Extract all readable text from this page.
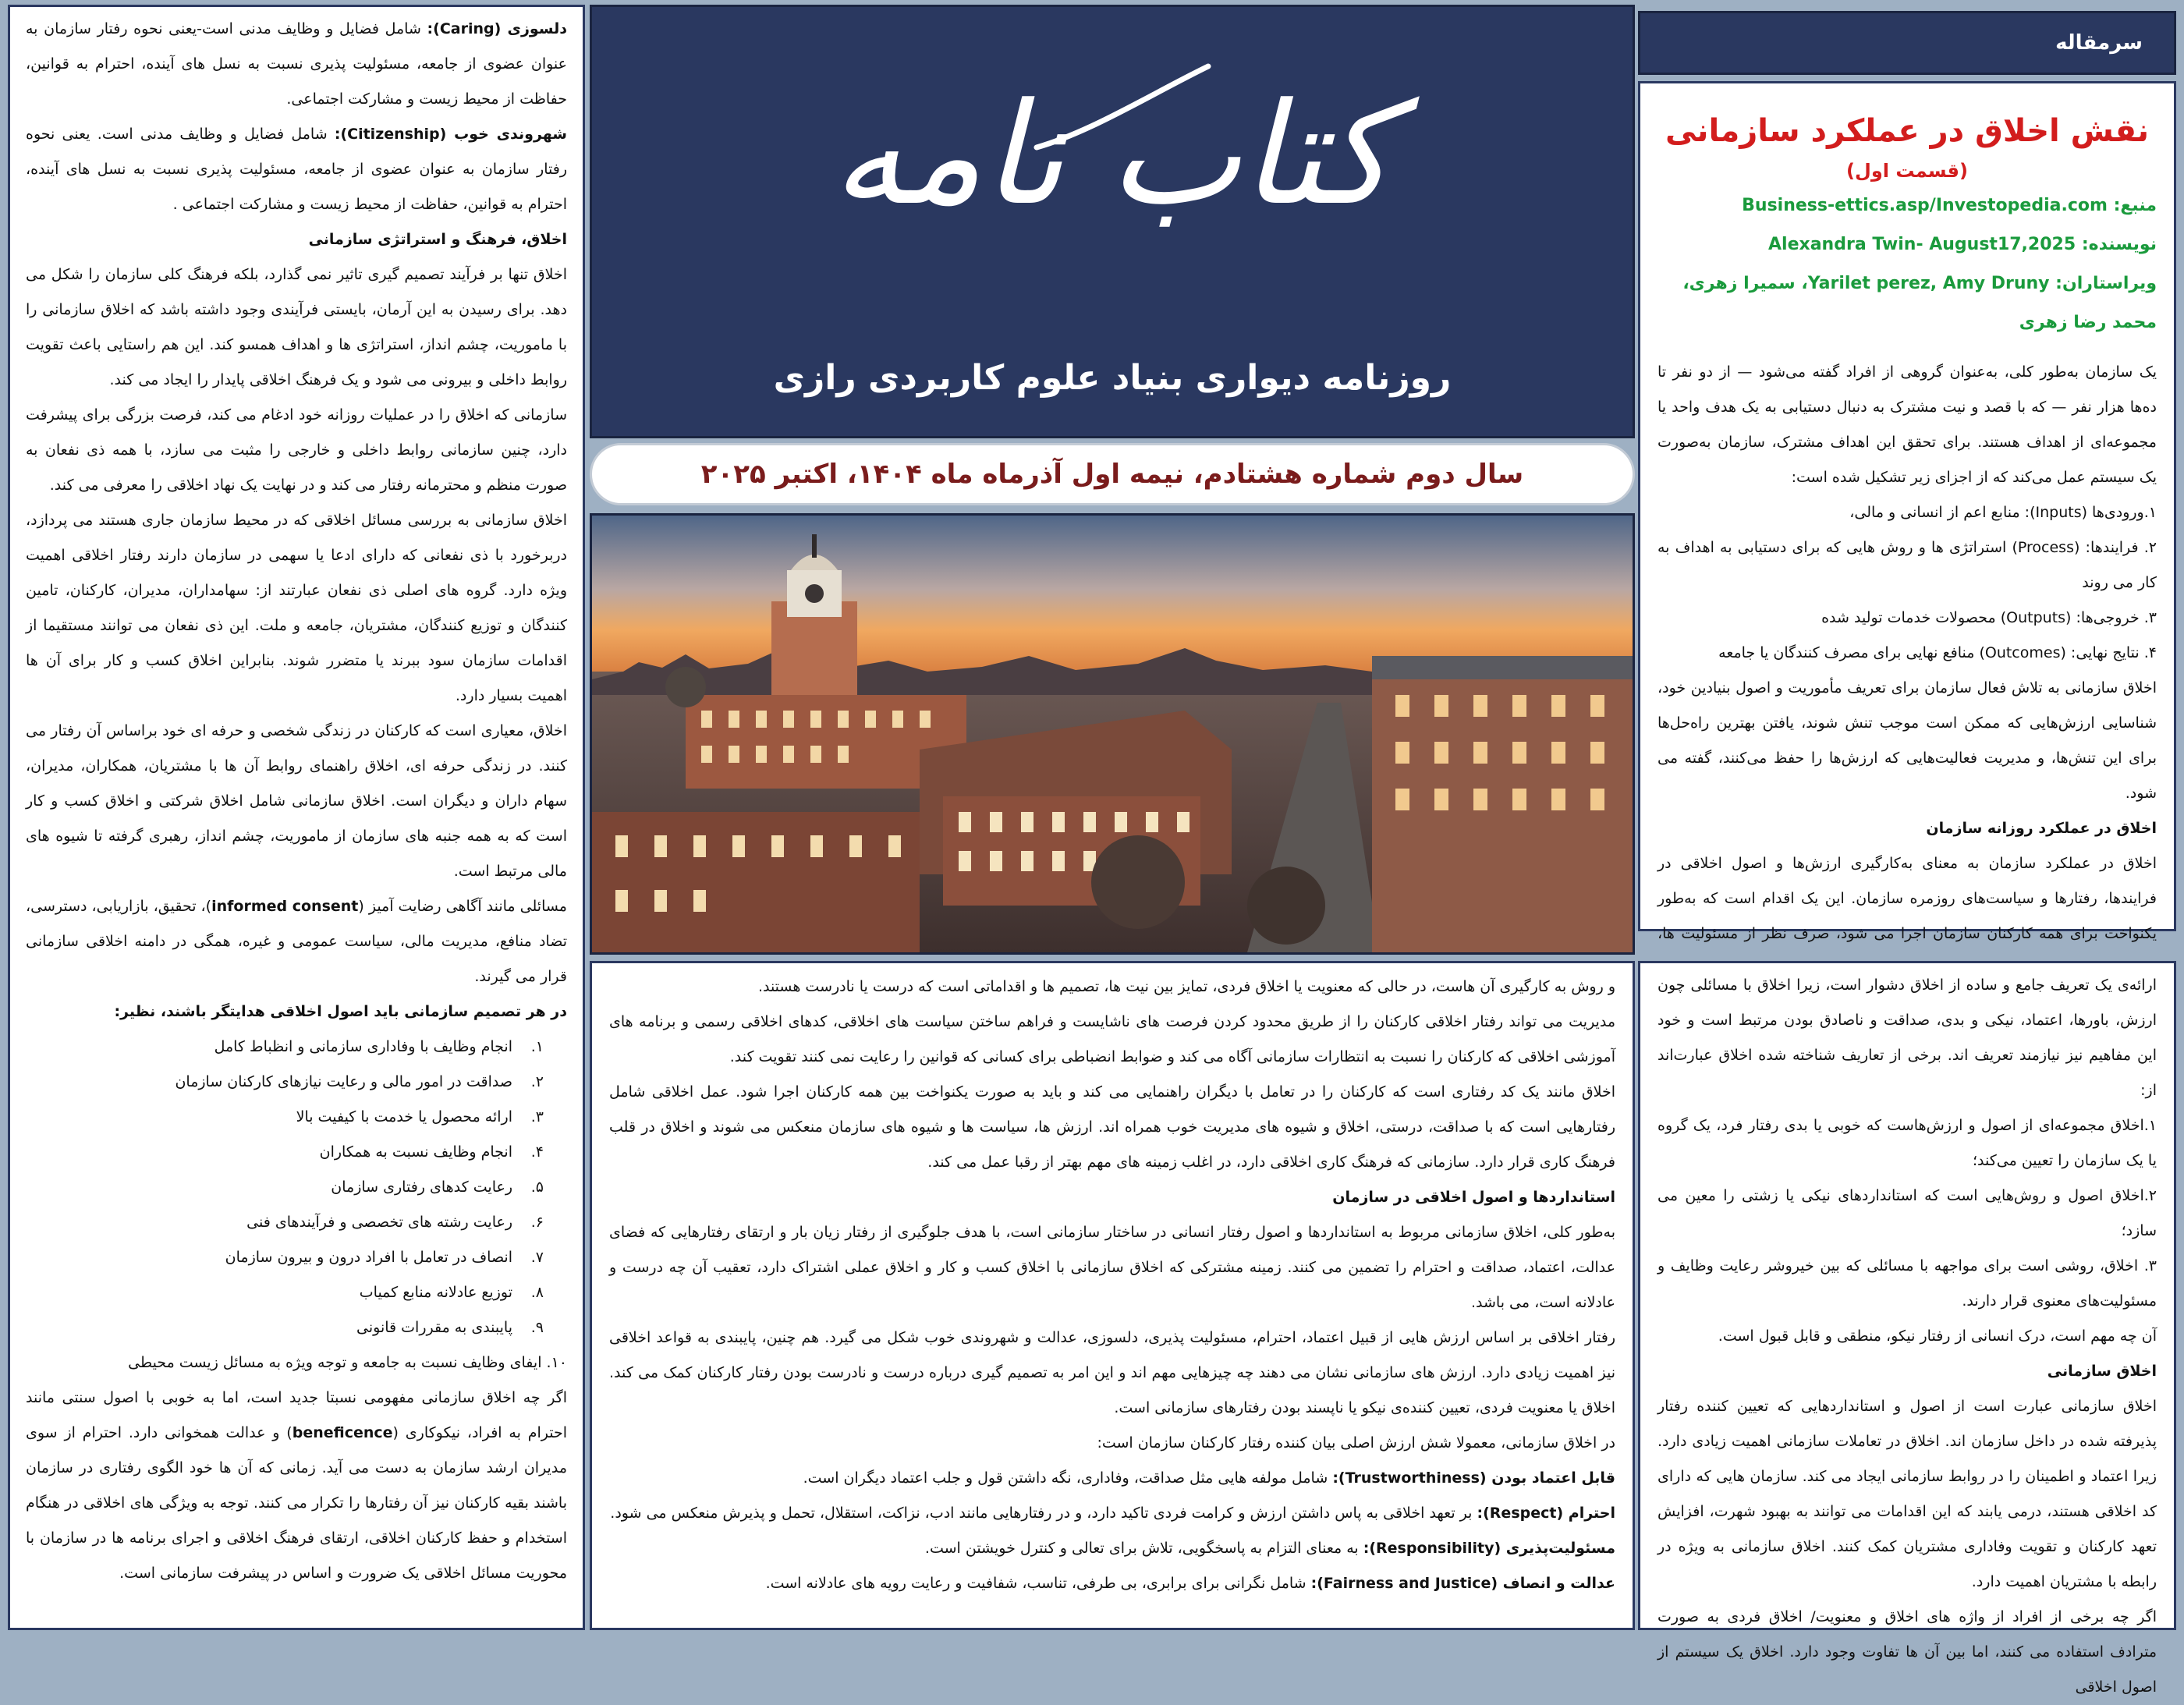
سرمقاله
نقش اخلاق در عملکرد سازمانی
(قسمت اول)
منبع: Business-ettics.asp/Investopedia.com
نویسنده: Alexandra Twin- August17,2025
ویراستاران: Yarilet perez, Amy Druny، سمیرا زهری، محمد رضا زهری

یک سازمان به‌طور کلی، به‌عنوان گروهی از افراد گفته می‌شود — از دو نفر تا ده‌ها هزار نفر — که با قصد و نیت مشترک به دنبال دستیابی به یک هدف واحد یا مجموعه‌ای از اهداف هستند. برای تحقق این اهداف مشترک، سازمان به‌صورت یک سیستم عمل می‌کند که از اجزای زیر تشکیل شده است:

۱.ورودی‌ها (Inputs): منابع اعم از انسانی و مالی،

۲. فرایندها: (Process) استراتژی ها و روش هایی که برای دستیابی به اهداف به کار می روند

۳. خروجی‌ها: (Outputs) محصولات خدمات تولید شده

۴. نتایج نهایی: (Outcomes) منافع نهایی برای مصرف کنندگان یا جامعه

اخلاق سازمانی به تلاش فعال سازمان برای تعریف مأموریت و اصول بنیادین خود، شناسایی ارزش‌هایی که ممکن است موجب تنش شوند، یافتن بهترین راه‌حل‌ها برای این تنش‌ها، و مدیریت فعالیت‌هایی که ارزش‌ها را حفظ می‌کنند، گفته می شود.

اخلاق در عملکرد روزانه سازمان

اخلاق در عملکرد سازمان به معنای به‌کارگیری ارزش‌ها و اصول اخلاقی در فرایندها، رفتارها و سیاست‌های روزمره سازمان. این یک اقدام است که به‌طور یکنواخت برای همه کارکنان سازمان اجرا می شود، صرف نظر از مسئولیت ها،

ارائه‌ی یک تعریف جامع و ساده از اخلاق دشوار است، زیرا اخلاق با مسائلی چون ارزش، باورها، اعتماد، نیکی و بدی، صداقت و ناصادق بودن مرتبط است و خود این مفاهیم نیز نیازمند تعریف اند. برخی از تعاریف شناخته شده اخلاق عبارت‌اند از:

۱.اخلاق مجموعه‌ای از اصول و ارزش‌هاست که خوبی یا بدی رفتار فرد، یک گروه یا یک سازمان را تعیین می‌کند؛

۲.اخلاق اصول و روش‌هایی است که استانداردهای نیکی یا زشتی را معین می سازد؛

۳. اخلاق، روشی است برای مواجهه با مسائلی که بین خیروشر رعایت وظایف و مسئولیت‌های معنوی قرار دارند.

آن چه مهم است، درک انسانی از رفتار نیکو، منطقی و قابل قبول است.

اخلاق سازمانی

اخلاق سازمانی عبارت است از اصول و استانداردهایی که تعیین کننده رفتار پذیرفته شده در داخل سازمان اند. اخلاق در تعاملات سازمانی اهمیت زیادی دارد. زیرا اعتماد و اطمینان را در روابط سازمانی ایجاد می کند. سازمان هایی که دارای کد اخلاقی هستند، درمی یابند که این اقدامات می توانند به بهبود شهرت، افزایش تعهد کارکنان و تقویت وفاداری مشتریان کمک کنند. اخلاق سازمانی به ویژه در رابطه با مشتریان اهمیت دارد.

اگر چه برخی از افراد از واژه های اخلاق و معنویت/ اخلاق فردی به صورت مترادف استفاده می کنند، اما بین آن ها تفاوت وجود دارد. اخلاق یک سیستم از اصول اخلاقی

کتاب نامه
روزنامه دیواری بنیاد علوم کاربردی رازی
سال دوم شماره هشتادم، نیمه اول آذرماه ماه ۱۴۰۴، اکتبر ۲۰۲۵

و روش به کارگیری آن هاست، در حالی که معنویت یا اخلاق فردی، تمایز بین نیت ها، تصمیم ها و اقداماتی است که درست یا نادرست هستند.

مدیریت می تواند رفتار اخلاقی کارکنان را از طریق محدود کردن فرصت های ناشایست و فراهم ساختن سیاست های اخلاقی، کدهای اخلاقی رسمی و برنامه های آموزشی اخلاقی که کارکنان را نسبت به انتظارات سازمانی آگاه می کند و ضوابط انضباطی برای کسانی که قوانین را رعایت نمی کنند تقویت کند.

اخلاق مانند یک کد رفتاری است که کارکنان را در تعامل با دیگران راهنمایی می کند و باید به صورت یکنواخت بین همه کارکنان اجرا شود. عمل اخلاقی شامل رفتارهایی است که با صداقت، درستی، اخلاق و شیوه های مدیریت خوب همراه اند. ارزش ها، سیاست ها و شیوه های سازمان منعکس می شوند و اخلاق در قلب فرهنگ کاری قرار دارد. سازمانی که فرهنگ کاری اخلاقی دارد، در اغلب زمینه های مهم بهتر از رقبا عمل می کند.

استانداردها و اصول اخلاقی در سازمان

به‌طور کلی، اخلاق سازمانی مربوط به استانداردها و اصول رفتار انسانی در ساختار سازمانی است، با هدف جلوگیری از رفتار زیان بار و ارتقای رفتارهایی که فضای عدالت، اعتماد، صداقت و احترام را تضمین می کنند. زمینه مشترکی که اخلاق سازمانی با اخلاق کسب و کار و اخلاق عملی اشتراک دارد، تعقیب آن چه درست و عادلانه است، می باشد.

رفتار اخلاقی بر اساس ارزش هایی از قبیل اعتماد، احترام، مسئولیت پذیری، دلسوزی، عدالت و شهروندی خوب شکل می گیرد. هم چنین، پایبندی به قواعد اخلاقی نیز اهمیت زیادی دارد. ارزش های سازمانی نشان می دهند چه چیزهایی مهم اند و این امر به تصمیم گیری درباره درست و نادرست بودن رفتار کارکنان کمک می کند. اخلاق یا معنویت فردی، تعیین کننده‌ی نیکو یا ناپسند بودن رفتارهای سازمانی است.

در اخلاق سازمانی، معمولا شش ارزش اصلی بیان کننده رفتار کارکنان سازمان است:

قابل اعتماد بودن (Trustworthiness): شامل مولفه هایی مثل صداقت، وفاداری، نگه داشتن قول و جلب اعتماد دیگران است.

احترام (Respect): بر تعهد اخلاقی به پاس داشتن ارزش و کرامت فردی تاکید دارد، و در رفتارهایی مانند ادب، نزاکت، استقلال، تحمل و پذیرش منعکس می شود.

مسئولیت‌پذیری (Responsibility): به معنای التزام به پاسخگویی، تلاش برای تعالی و کنترل خویشتن است.

عدالت و انصاف (Fairness and Justice): شامل نگرانی برای برابری، بی طرفی، تناسب، شفافیت و رعایت رویه های عادلانه است.

دلسوزی (Caring): شامل فضایل و وظایف مدنی است-یعنی نحوه رفتار سازمان به عنوان عضوی از جامعه، مسئولیت پذیری نسبت به نسل های آینده، احترام به قوانین، حفاظت از محیط زیست و مشارکت اجتماعی.

شهروندی خوب (Citizenship): شامل فضایل و وظایف مدنی است. یعنی نحوه رفتار سازمان به عنوان عضوی از جامعه، مسئولیت پذیری نسبت به نسل های آینده، احترام به قوانین، حفاظت از محیط زیست و مشارکت اجتماعی .

اخلاق، فرهنگ و استراتژی سازمانی

اخلاق تنها بر فرآیند تصمیم گیری تاثیر نمی گذارد، بلکه فرهنگ کلی سازمان را شکل می دهد. برای رسیدن به این آرمان، بایستی فرآیندی وجود داشته باشد که اخلاق سازمانی را با ماموریت، چشم انداز، استراتژی ها و اهداف همسو کند. این هم راستایی باعث تقویت روابط داخلی و بیرونی می شود و یک فرهنگ اخلاقی پایدار را ایجاد می کند.

سازمانی که اخلاق را در عملیات روزانه خود ادغام می کند، فرصت بزرگی برای پیشرفت دارد، چنین سازمانی روابط داخلی و خارجی را مثبت می سازد، با همه ذی نفعان به صورت منظم و محترمانه رفتار می کند و در نهایت یک نهاد اخلاقی را معرفی می کند.

اخلاق سازمانی به بررسی مسائل اخلاقی که در محیط سازمان جاری هستند می پردازد، دربرخورد با ذی نفعانی که دارای ادعا یا سهمی در سازمان دارند رفتار اخلاقی اهمیت ویژه دارد. گروه های اصلی ذی نفعان عبارتند از: سهامداران، مدیران، کارکنان، تامین کنندگان و توزیع کنندگان، مشتریان، جامعه و ملت. این ذی نفعان می توانند مستقیما از اقدامات سازمان سود ببرند یا متضرر شوند. بنابراین اخلاق کسب و کار برای آن ها اهمیت بسیار دارد.

اخلاق، معیاری است که کارکنان در زندگی شخصی و حرفه ای خود براساس آن رفتار می کنند. در زندگی حرفه ای، اخلاق راهنمای روابط آن ها با مشتریان، همکاران، مدیران، سهام داران و دیگران است. اخلاق سازمانی شامل اخلاق شرکتی و اخلاق کسب و کار است که به همه جنبه های سازمان از ماموریت، چشم انداز، رهبری گرفته تا شیوه های مالی مرتبط است.

مسائلی مانند آگاهی رضایت آمیز (informed consent)، تحقیق، بازاریابی، دسترسی، تضاد منافع، مدیریت مالی، سیاست عمومی و غیره، همگی در دامنه اخلاقی سازمانی قرار می گیرند.

در هر تصمیم سازمانی باید اصول اخلاقی هدایتگر باشند، نظیر:

۱.
انجام وظایف با وفاداری سازمانی و انظباط کامل
۲.
صداقت در امور مالی و رعایت نیازهای کارکنان سازمان
۳.
ارائه محصول یا خدمت با کیفیت بالا
۴.
انجام وظایف نسبت به همکاران
۵.
رعایت کدهای رفتاری سازمان
۶.
رعایت رشته های تخصصی و فرآیندهای فنی
۷.
انصاف در تعامل با افراد درون و بیرون سازمان
۸.
توزیع عادلانه منابع کمیاب
۹.
پایبندی به مقررات قانونی

۱۰. ایفای وظایف نسبت به جامعه و توجه ویژه به مسائل زیست محیطی

اگر چه اخلاق سازمانی مفهومی نسبتا جدید است، اما به خوبی با اصول سنتی مانند احترام به افراد، نیکوکاری (beneficence) و عدالت همخوانی دارد. احترام از سوی مدیران ارشد سازمان به دست می آید. زمانی که آن ها خود الگوی رفتاری در سازمان باشند بقیه کارکنان نیز آن رفتارها را تکرار می کنند. توجه به ویژگی های اخلاقی در هنگام استخدام و حفظ کارکنان اخلاقی، ارتقای فرهنگ اخلاقی و اجرای برنامه ها در سازمان با محوریت مسائل اخلاقی یک ضرورت و اساس در پیشرفت سازمانی است.
